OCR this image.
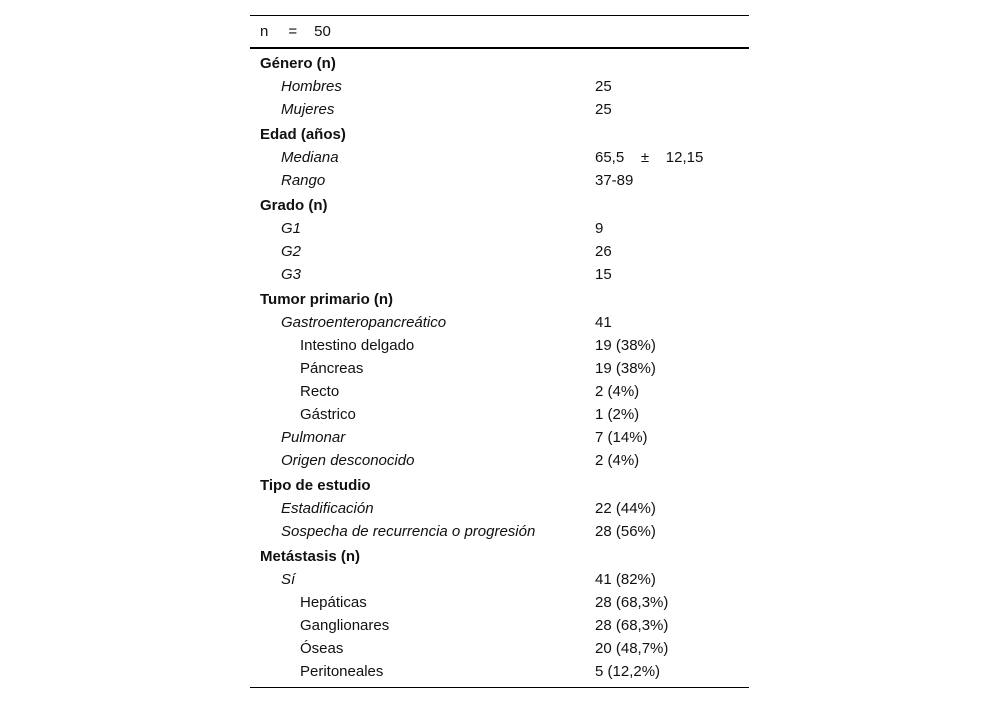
n = 50
Género (n)
Hombres	25
Mujeres	25
Edad (años)
Mediana	65,5    ±    12,15
Rango	37-89
Grado (n)
G1	9
G2	26
G3	15
Tumor primario (n)
Gastroenteropancreático	41
Intestino delgado	19 (38%)
Páncreas	19 (38%)
Recto	2 (4%)
Gástrico	1 (2%)
Pulmonar	7 (14%)
Origen desconocido	2 (4%)
Tipo de estudio
Estadificación	22 (44%)
Sospecha de recurrencia o progresión	28 (56%)
Metástasis (n)
Sí	41 (82%)
Hepáticas	28 (68,3%)
Ganglionares	28 (68,3%)
Óseas	20 (48,7%)
Peritoneales	5 (12,2%)
